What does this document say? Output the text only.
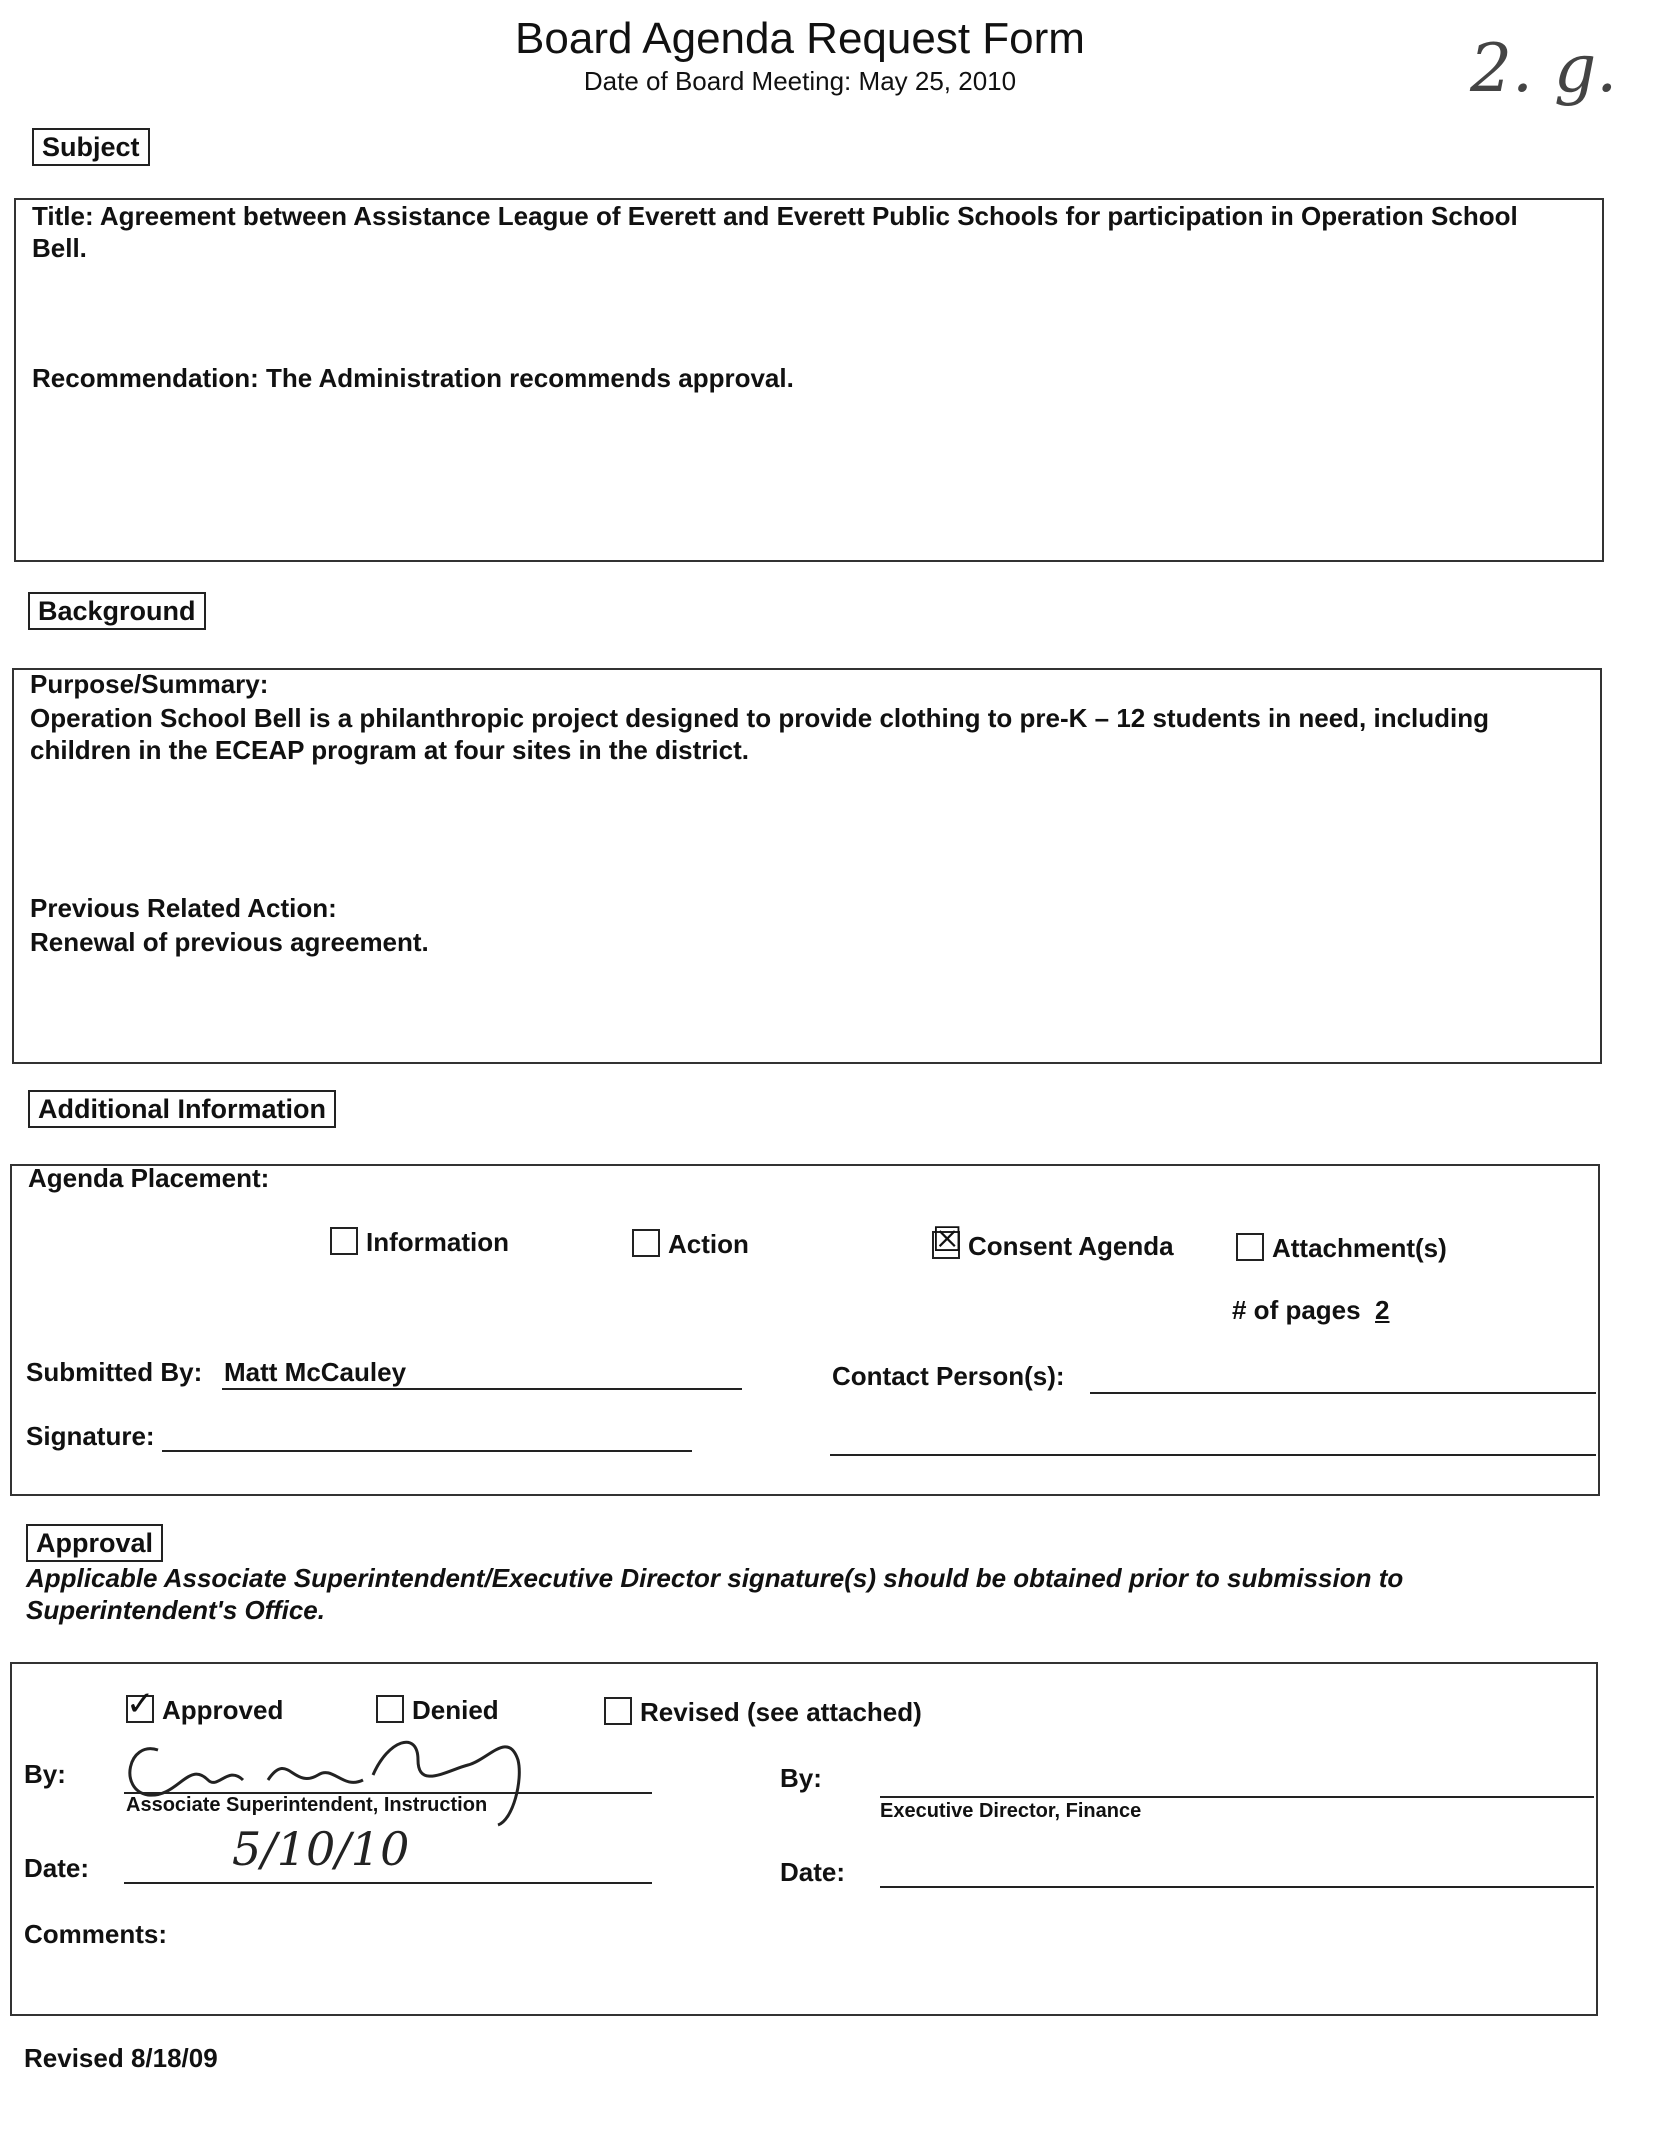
Board Agenda Request Form
Date of Board Meeting: May 25, 2010	2. g.
Subject
Title: Agreement between Assistance League of Everett and Everett Public Schools for participation in Operation School Bell.
Recommendation: The Administration recommends approval.
Background
Purpose/Summary:
Operation School Bell is a philanthropic project designed to provide clothing to pre-K – 12 students in need, including children in the ECEAP program at four sites in the district.
Previous Related Action:
Renewal of previous agreement.
Additional Information
Agenda Placement:
Information	Action	☒ Consent Agenda	Attachment(s)
# of pages 2
Submitted By: Matt McCauley	Contact Person(s):
Signature:
Approval
Applicable Associate Superintendent/Executive Director signature(s) should be obtained prior to submission to Superintendent's Office.
✓ Approved	Denied	Revised (see attached)
By:
Associate Superintendent, Instruction
By:
Executive Director, Finance
Date:	5/10/10	Date:
Comments:
Revised 8/18/09
